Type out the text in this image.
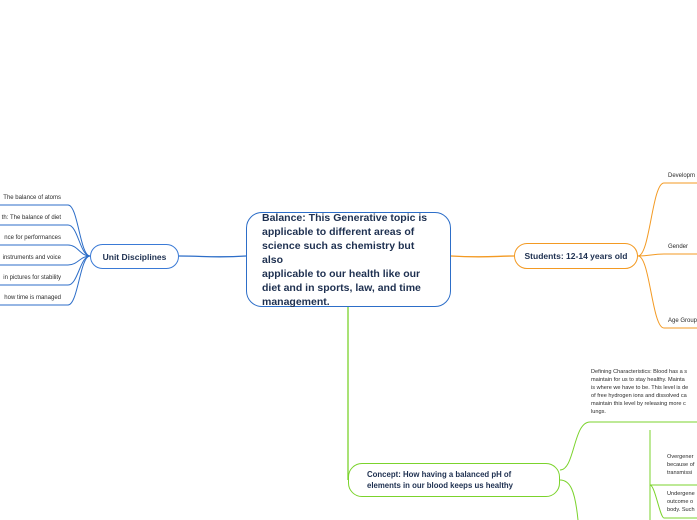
Balance: This Generative topic is
applicable to different areas of
science such as chemistry but also
applicable to our health like our
diet and in sports, law, and time
management.
Unit Disciplines
The balance of atoms
th: The balance of diet
nce for performances
instruments and voice
in pictures for stability
how time is managed
Students: 12-14 years old
Developm
Gender
Age Group
Concept: How having a balanced pH of
elements in our blood keeps us healthy
Defining Characteristics: Blood has a s
maintain for us to stay healthy. Mainta
is where we have to be. This level is de
of free hydrogen ions and dissolved ca
maintain this level by releasing more c
lungs.
Overgener
because of
transmissi
Undergene
outcome o
body. Such
